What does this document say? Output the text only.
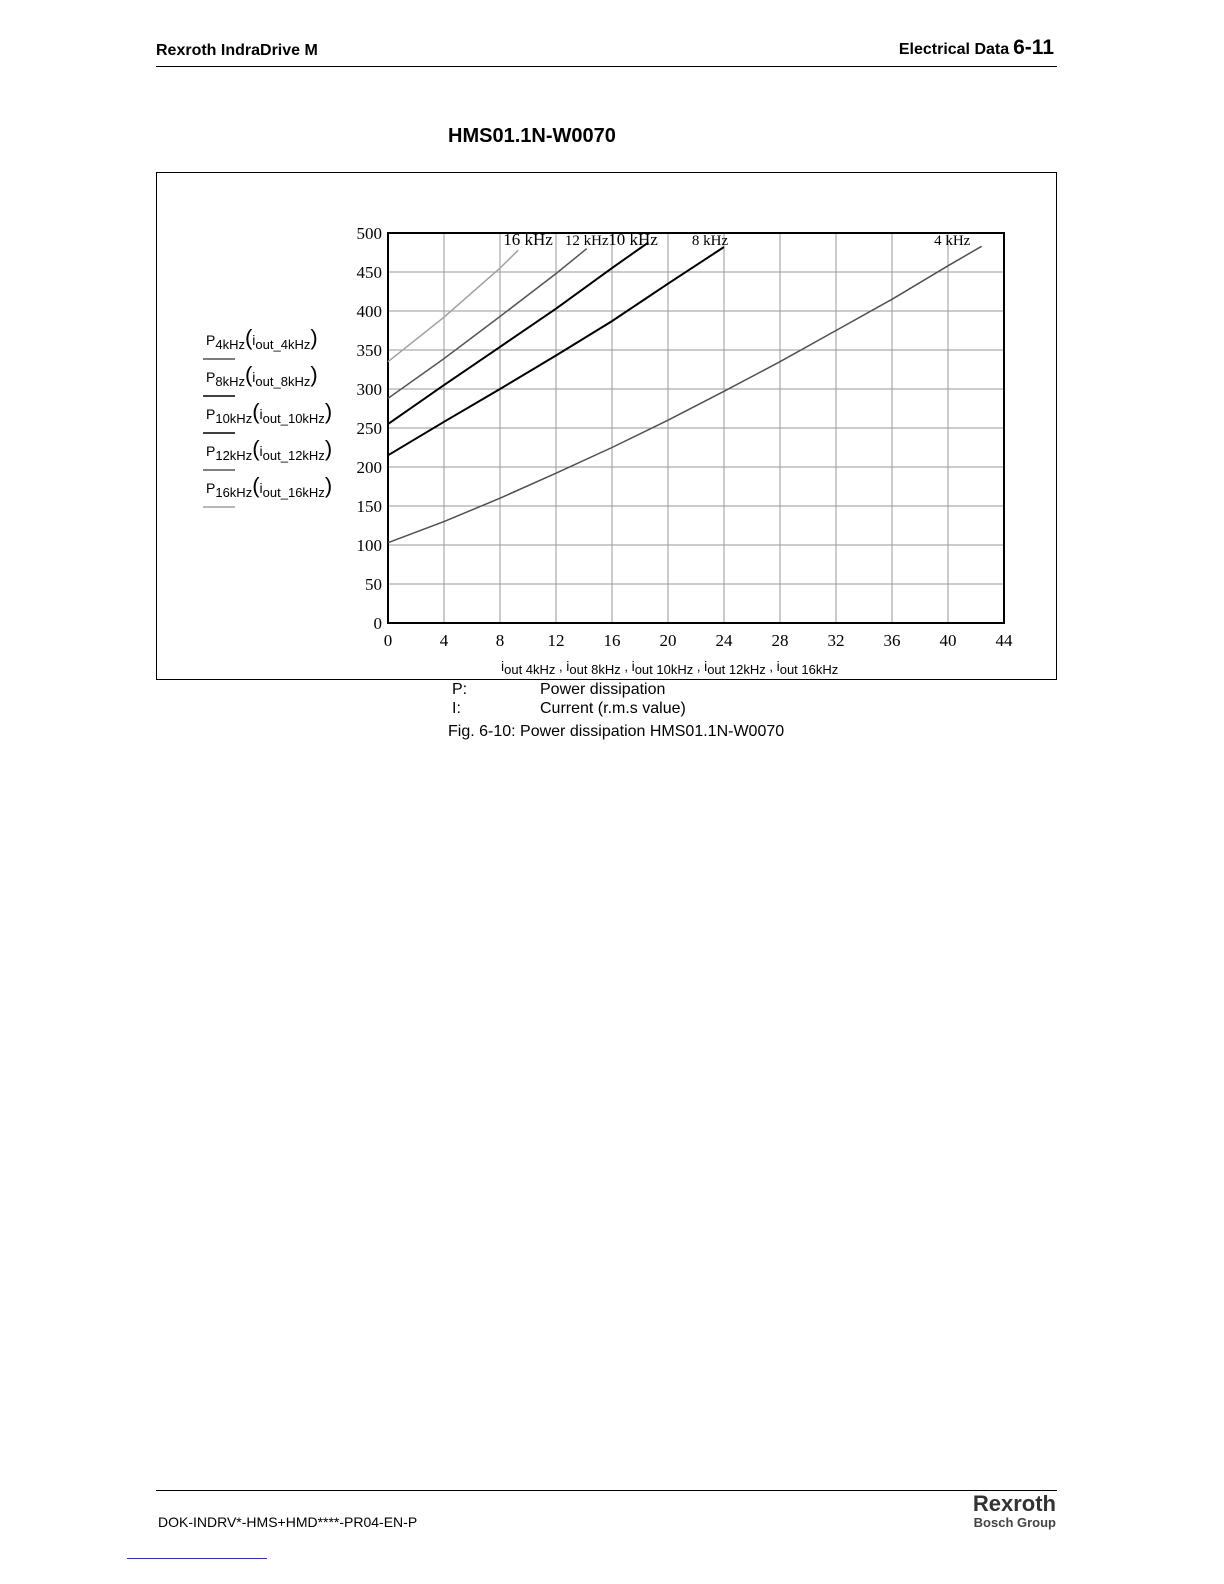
Rexroth IndraDrive M	Electrical Data 6-11
HMS01.1N-W0070
0	4	8	12 16 20 24 28 32 36 40 44
500
450
400
350
300
250
200
150
100
50
0
16 kHz 12 kHz 10 kHz 8 kHz	4 kHz
P4kHz(iout_4kHz)
P8kHz(iout_8kHz)
P10kHz(iout_10kHz)
P12kHz(iout_12kHz)
P16kHz(iout_16kHz)
iout 4kHz , iout 8kHz , iout 10kHz , iout 12kHz , iout 16kHz
P:	Power dissipation
I:	Current (r.m.s value)
Fig. 6-10: Power dissipation HMS01.1N-W0070
DOK-INDRV*-HMS+HMD****-PR04-EN-P
Rexroth
Bosch Group
